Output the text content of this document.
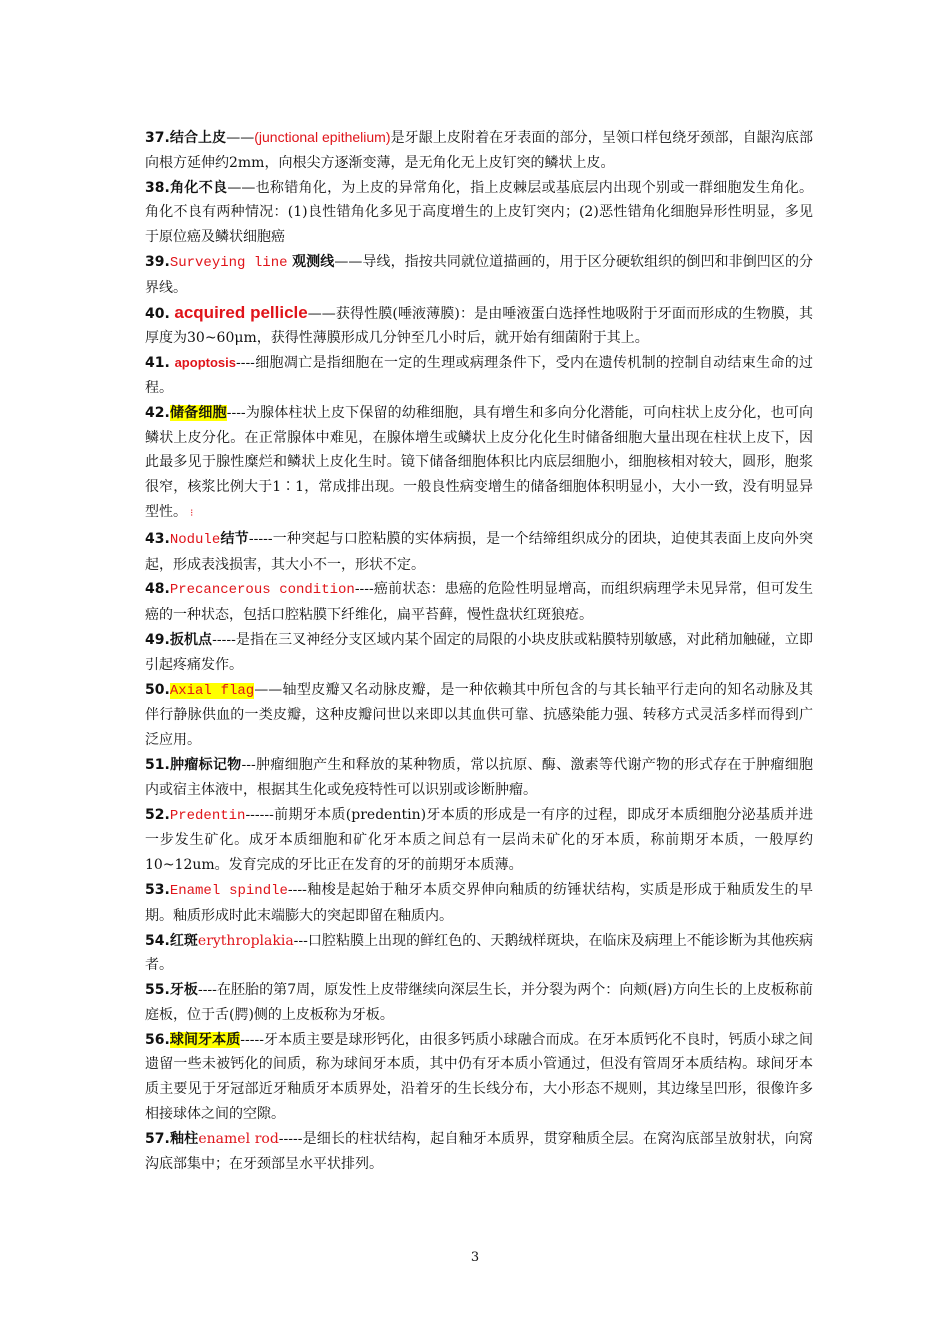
37.结合上皮——(junctional epithelium)是牙龈上皮附着在牙表面的部分，呈领口样包绕牙颈部，自龈沟底部向根方延伸约2mm，向根尖方逐渐变薄，是无角化无上皮钉突的鳞状上皮。

38.角化不良——也称错角化，为上皮的异常角化，指上皮棘层或基底层内出现个别或一群细胞发生角化。角化不良有两种情况：(1)良性错角化多见于高度增生的上皮钉突内；(2)恶性错角化细胞异形性明显，多见于原位癌及鳞状细胞癌

39.Surveying line 观测线——导线，指按共同就位道描画的，用于区分硬软组织的倒凹和非倒凹区的分界线。

40. acquired pellicle——获得性膜(唾液薄膜)：是由唾液蛋白选择性地吸附于牙面而形成的生物膜，其厚度为30~60μm，获得性薄膜形成几分钟至几小时后，就开始有细菌附于其上。

41. apoptosis----细胞凋亡是指细胞在一定的生理或病理条件下，受内在遗传机制的控制自动结束生命的过程。

42.储备细胞----为腺体柱状上皮下保留的幼稚细胞，具有增生和多向分化潜能，可向柱状上皮分化，也可向鳞状上皮分化。在正常腺体中难见，在腺体增生或鳞状上皮分化化生时储备细胞大量出现在柱状上皮下，因此最多见于腺性糜烂和鳞状上皮化生时。镜下储备细胞体积比内底层细胞小，细胞核相对较大，圆形，胞浆很窄，核浆比例大于1∶1，常成排出现。一般良性病变增生的储备细胞体积明显小，大小一致，没有明显异型性。 ⁝

43.Nodule结节-----一种突起与口腔粘膜的实体病损，是一个结缔组织成分的团块，迫使其表面上皮向外突起，形成表浅损害，其大小不一，形状不定。

48.Precancerous condition----癌前状态：患癌的危险性明显增高，而组织病理学未见异常，但可发生癌的一种状态，包括口腔粘膜下纤维化，扁平苔藓，慢性盘状红斑狼疮。

49.扳机点-----是指在三叉神经分支区域内某个固定的局限的小块皮肤或粘膜特别敏感，对此稍加触碰，立即引起疼痛发作。

50.Axial flag——轴型皮瓣又名动脉皮瓣，是一种依赖其中所包含的与其长轴平行走向的知名动脉及其伴行静脉供血的一类皮瓣，这种皮瓣问世以来即以其血供可靠、抗感染能力强、转移方式灵活多样而得到广泛应用。

51.肿瘤标记物---肿瘤细胞产生和释放的某种物质，常以抗原、酶、激素等代谢产物的形式存在于肿瘤细胞内或宿主体液中，根据其生化或免疫特性可以识别或诊断肿瘤。

52.Predentin------前期牙本质(predentin)牙本质的形成是一有序的过程，即成牙本质细胞分泌基质并进一步发生矿化。成牙本质细胞和矿化牙本质之间总有一层尚未矿化的牙本质，称前期牙本质，一般厚约10~12um。发育完成的牙比正在发育的牙的前期牙本质薄。

53.Enamel spindle----釉梭是起始于釉牙本质交界伸向釉质的纺锤状结构，实质是形成于釉质发生的早期。釉质形成时此末端膨大的突起即留在釉质内。

54.红斑erythroplakia---口腔粘膜上出现的鲜红色的、天鹅绒样斑块，在临床及病理上不能诊断为其他疾病者。

55.牙板----在胚胎的第7周，原发性上皮带继续向深层生长，并分裂为两个：向颊(唇)方向生长的上皮板称前庭板，位于舌(腭)侧的上皮板称为牙板。

56.球间牙本质-----牙本质主要是球形钙化，由很多钙质小球融合而成。在牙本质钙化不良时，钙质小球之间遗留一些未被钙化的间质，称为球间牙本质，其中仍有牙本质小管通过，但没有管周牙本质结构。球间牙本质主要见于牙冠部近牙釉质牙本质界处，沿着牙的生长线分布，大小形态不规则，其边缘呈凹形，很像许多相接球体之间的空隙。

57.釉柱enamel rod-----是细长的柱状结构，起自釉牙本质界，贯穿釉质全层。在窝沟底部呈放射状，向窝沟底部集中；在牙颈部呈水平状排列。

3
